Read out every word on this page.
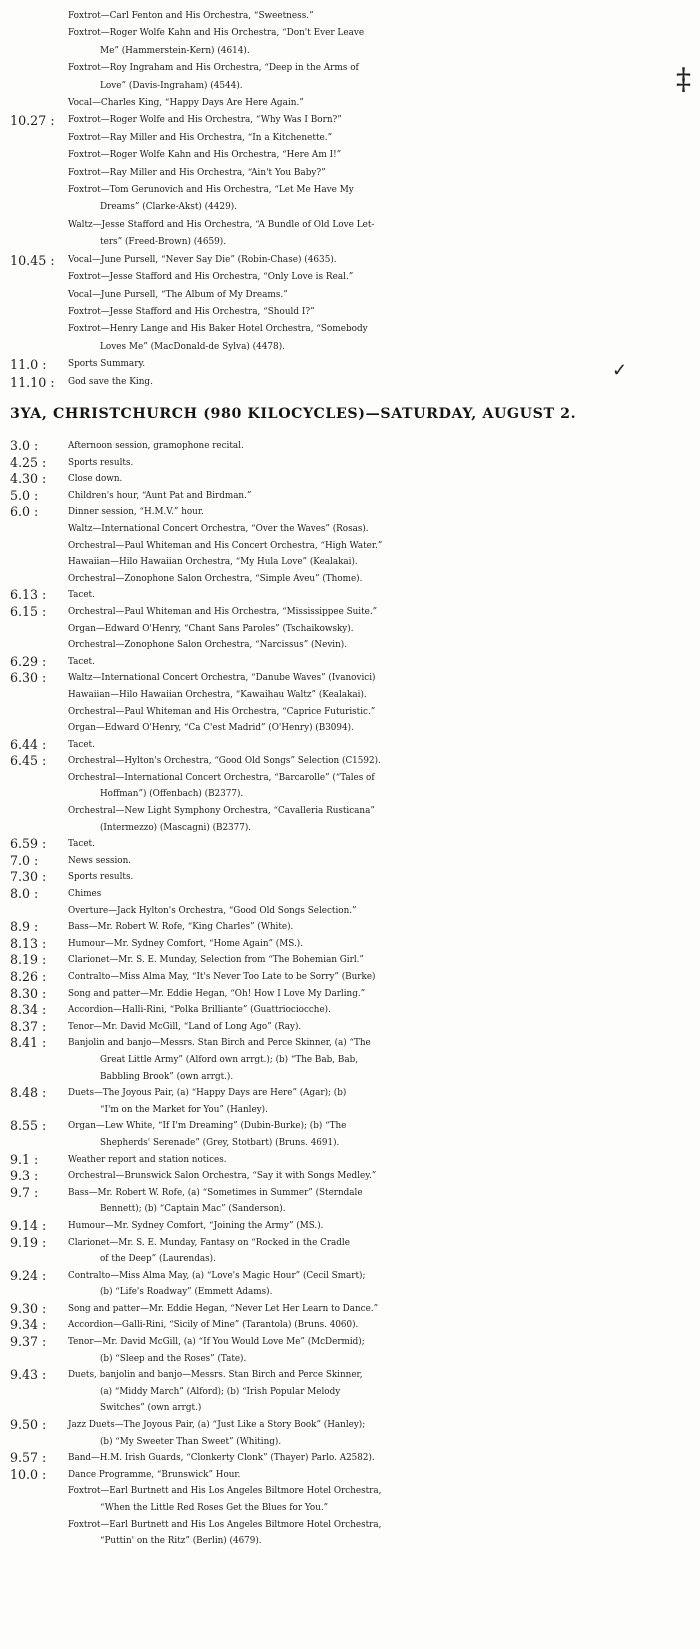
Foxtrot—Carl Fenton and His Orchestra, “Sweetness.”
Foxtrot—Roger Wolfe Kahn and His Orchestra, “Don't Ever Leave
Me” (Hammerstein-Kern) (4614).
Foxtrot—Roy Ingraham and His Orchestra, “Deep in the Arms of
Love” (Davis-Ingraham) (4544).
Vocal—Charles King, “Happy Days Are Here Again.”
10.27 :	Foxtrot—Roger Wolfe and His Orchestra, “Why Was I Born?”
Foxtrot—Ray Miller and His Orchestra, “In a Kitchenette.”
Foxtrot—Roger Wolfe Kahn and His Orchestra, “Here Am I!”
Foxtrot—Ray Miller and His Orchestra, “Ain't You Baby?”
Foxtrot—Tom Gerunovich and His Orchestra, “Let Me Have My
Dreams” (Clarke-Akst) (4429).
Waltz—Jesse Stafford and His Orchestra, “A Bundle of Old Love Let-
ters” (Freed-Brown) (4659).
10.45 :	Vocal—June Pursell, “Never Say Die” (Robin-Chase) (4635).
Foxtrot—Jesse Stafford and His Orchestra, “Only Love is Real.”
Vocal—June Pursell, “The Album of My Dreams.”
Foxtrot—Jesse Stafford and His Orchestra, “Should I?”
Foxtrot—Henry Lange and His Baker Hotel Orchestra, “Somebody
Loves Me” (MacDonald-de Sylva) (4478).
11.0 :	Sports Summary.
11.10 :	God save the King.
3YA, CHRISTCHURCH (980 KILOCYCLES)—SATURDAY, AUGUST 2.
3.0 :	Afternoon session, gramophone recital.
4.25 :	Sports results.
4.30 :	Close down.
5.0 :	Children's hour, “Aunt Pat and Birdman.”
6.0 :	Dinner session, “H.M.V.” hour.
Waltz—International Concert Orchestra, “Over the Waves” (Rosas).
Orchestral—Paul Whiteman and His Concert Orchestra, “High Water.”
Hawaiian—Hilo Hawaiian Orchestra, “My Hula Love” (Kealakai).
Orchestral—Zonophone Salon Orchestra, “Simple Aveu” (Thome).
6.13 :	Tacet.
6.15 :	Orchestral—Paul Whiteman and His Orchestra, “Mississippee Suite.”
Organ—Edward O'Henry, “Chant Sans Paroles” (Tschaikowsky).
Orchestral—Zonophone Salon Orchestra, “Narcissus” (Nevin).
6.29 :	Tacet.
6.30 :	Waltz—International Concert Orchestra, “Danube Waves” (Ivanovici)
Hawaiian—Hilo Hawaiian Orchestra, “Kawaihau Waltz” (Kealakai).
Orchestral—Paul Whiteman and His Orchestra, “Caprice Futuristic.”
Organ—Edward O'Henry, “Ca C'est Madrid” (O'Henry) (B3094).
6.44 :	Tacet.
6.45 :	Orchestral—Hylton's Orchestra, “Good Old Songs” Selection (C1592).
Orchestral—International Concert Orchestra, “Barcarolle” (“Tales of
Hoffman”) (Offenbach) (B2377).
Orchestral—New Light Symphony Orchestra, “Cavalleria Rusticana”
(Intermezzo) (Mascagni) (B2377).
6.59 :	Tacet.
7.0 :	News session.
7.30 :	Sports results.
8.0 :	Chimes
Overture—Jack Hylton's Orchestra, “Good Old Songs Selection.”
8.9 :	Bass—Mr. Robert W. Rofe, “King Charles” (White).
8.13 :	Humour—Mr. Sydney Comfort, “Home Again” (MS.).
8.19 :	Clarionet—Mr. S. E. Munday, Selection from “The Bohemian Girl.”
8.26 :	Contralto—Miss Alma May, “It's Never Too Late to be Sorry” (Burke)
8.30 :	Song and patter—Mr. Eddie Hegan, “Oh! How I Love My Darling.”
8.34 :	Accordion—Halli-Rini, “Polka Brilliante” (Guattriociocche).
8.37 :	Tenor—Mr. David McGill, “Land of Long Ago” (Ray).
8.41 :	Banjolin and banjo—Messrs. Stan Birch and Perce Skinner, (a) “The
Great Little Army” (Alford own arrgt.); (b) “The Bab, Bab,
Babbling Brook” (own arrgt.).
8.48 :	Duets—The Joyous Pair, (a) “Happy Days are Here” (Agar); (b)
“I'm on the Market for You” (Hanley).
8.55 :	Organ—Lew White, “If I'm Dreaming” (Dubin-Burke); (b) “The
Shepherds' Serenade” (Grey, Stotbart) (Bruns. 4691).
9.1 :	Weather report and station notices.
9.3 :	Orchestral—Brunswick Salon Orchestra, “Say it with Songs Medley.”
9.7 :	Bass—Mr. Robert W. Rofe, (a) “Sometimes in Summer” (Sterndale
Bennett); (b) “Captain Mac” (Sanderson).
9.14 :	Humour—Mr. Sydney Comfort, “Joining the Army” (MS.).
9.19 :	Clarionet—Mr. S. E. Munday, Fantasy on “Rocked in the Cradle
of the Deep” (Laurendas).
9.24 :	Contralto—Miss Alma May, (a) “Love's Magic Hour” (Cecil Smart);
(b) “Life's Roadway” (Emmett Adams).
9.30 :	Song and patter—Mr. Eddie Hegan, “Never Let Her Learn to Dance.”
9.34 :	Accordion—Galli-Rini, “Sicily of Mine” (Tarantola) (Bruns. 4060).
9.37 :	Tenor—Mr. David McGill, (a) “If You Would Love Me” (McDermid);
(b) “Sleep and the Roses” (Tate).
9.43 :	Duets, banjolin and banjo—Messrs. Stan Birch and Perce Skinner,
(a) “Middy March” (Alford); (b) “Irish Popular Melody
Switches” (own arrgt.)
9.50 :	Jazz Duets—The Joyous Pair, (a) “Just Like a Story Book” (Hanley);
(b) “My Sweeter Than Sweet” (Whiting).
9.57 :	Band—H.M. Irish Guards, “Clonkerty Clonk” (Thayer) Parlo. A2582).
10.0 :	Dance Programme, “Brunswick” Hour.
Foxtrot—Earl Burtnett and His Los Angeles Biltmore Hotel Orchestra,
“When the Little Red Roses Get the Blues for You.”
Foxtrot—Earl Burtnett and His Los Angeles Biltmore Hotel Orchestra,
“Puttin' on the Ritz” (Berlin) (4679).
‡
✓
